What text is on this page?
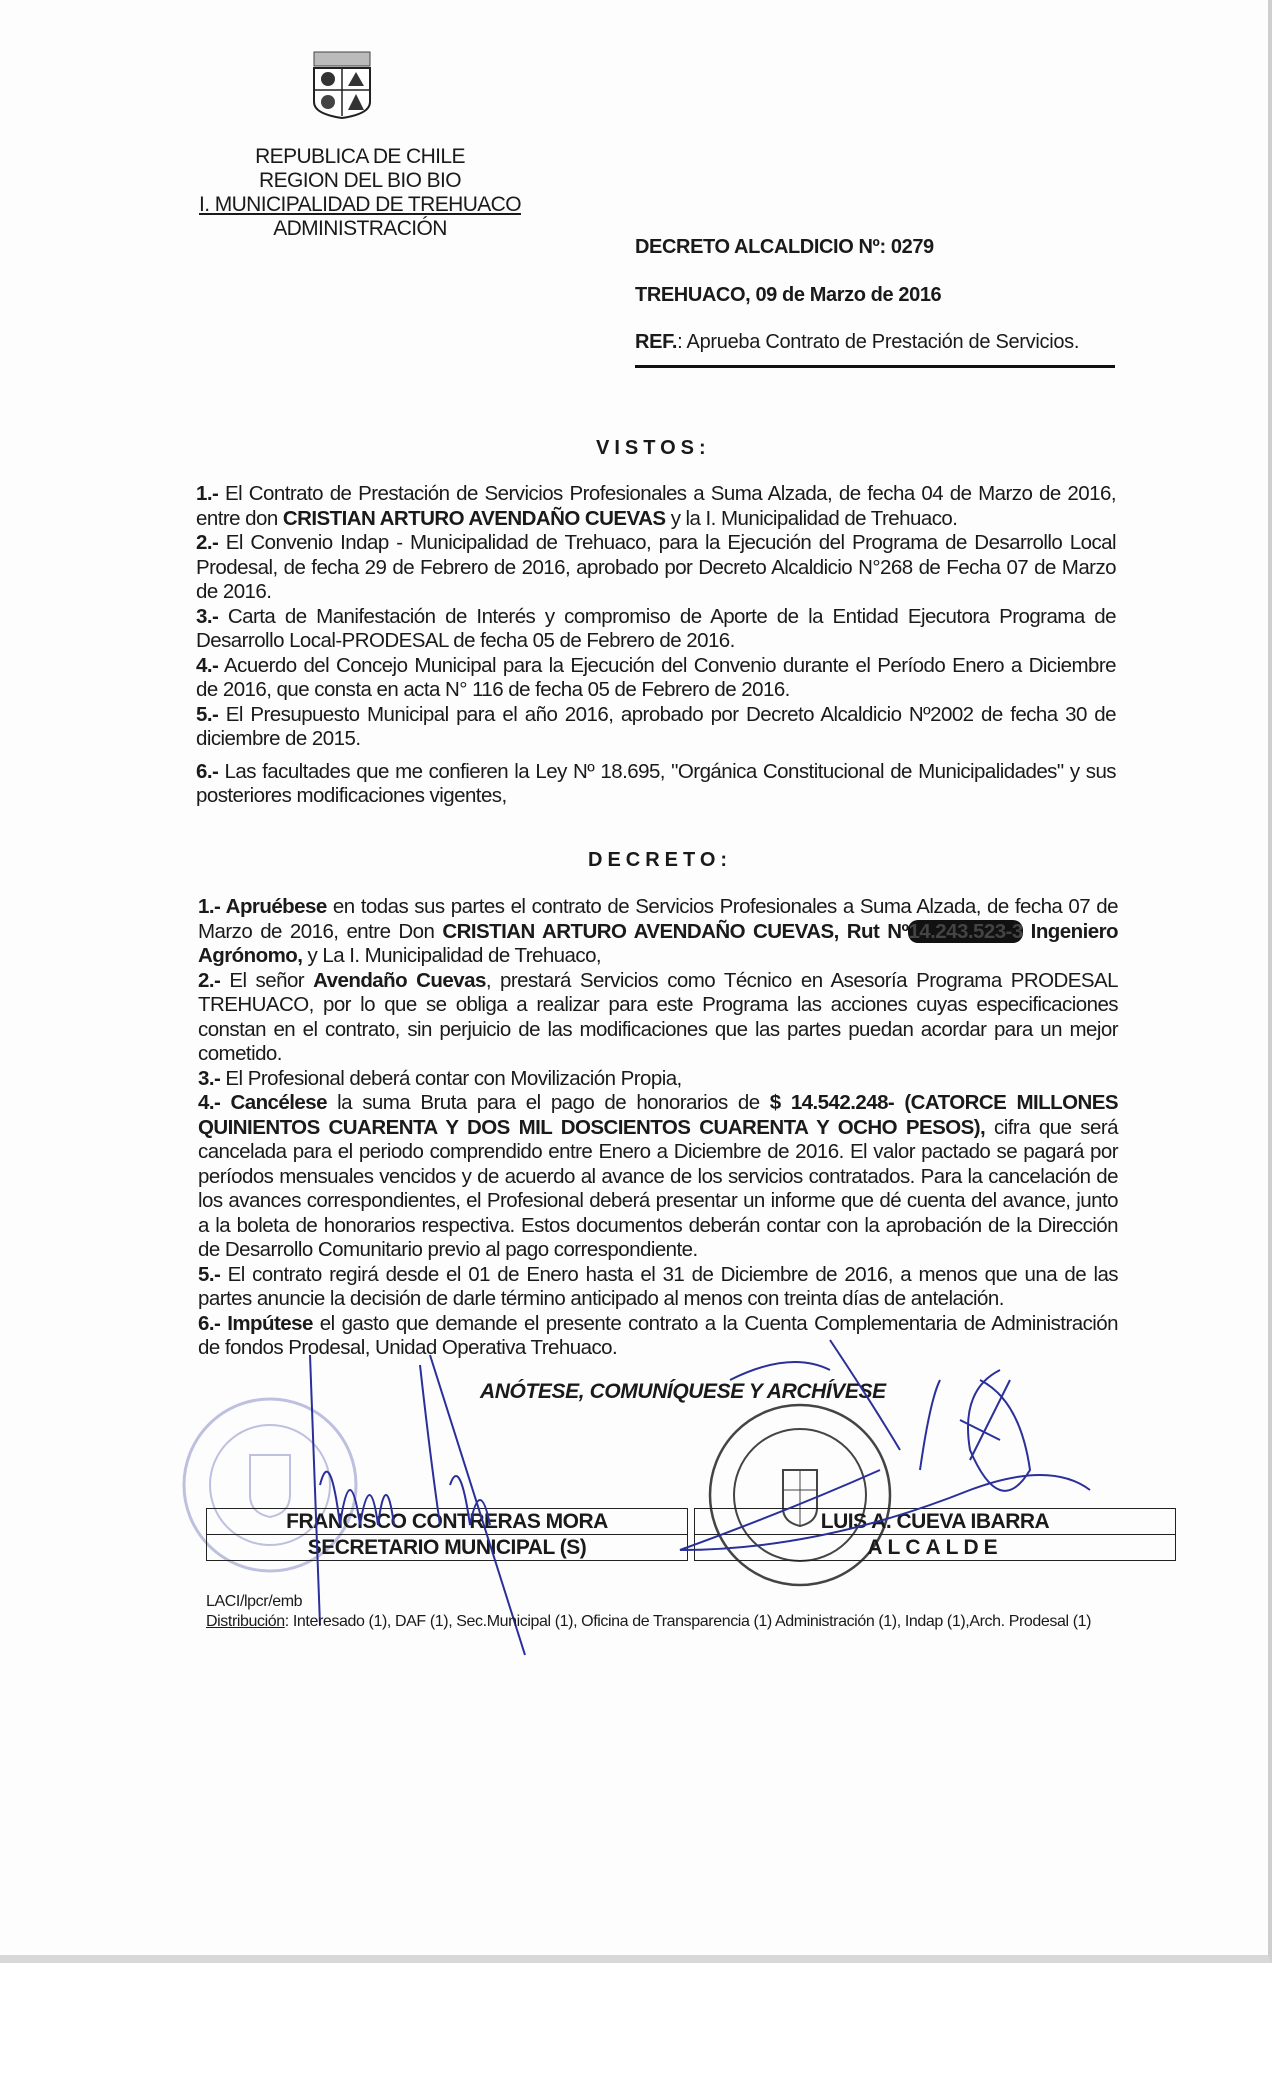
REPUBLICA DE CHILE
REGION DEL BIO BIO
I. MUNICIPALIDAD DE TREHUACO
ADMINISTRACIÓN
DECRETO ALCALDICIO Nº: 0279
TREHUACO, 09 de Marzo de 2016
REF.: Aprueba Contrato de Prestación de Servicios.
VISTOS:

1.- El Contrato de Prestación de Servicios Profesionales a Suma Alzada, de fecha 04 de Marzo de 2016, entre don CRISTIAN ARTURO AVENDAÑO CUEVAS y la I. Municipalidad de Trehuaco.

2.- El Convenio Indap - Municipalidad de Trehuaco, para la Ejecución del Programa de Desarrollo Local Prodesal, de fecha 29 de Febrero de 2016, aprobado por Decreto Alcaldicio N°268 de Fecha 07 de Marzo de 2016.

3.- Carta de Manifestación de Interés y compromiso de Aporte de la Entidad Ejecutora Programa de Desarrollo Local-PRODESAL de fecha 05 de Febrero de 2016.

4.- Acuerdo del Concejo Municipal para la Ejecución del Convenio durante el Período Enero a Diciembre de 2016, que consta en acta N° 116 de fecha 05 de Febrero de 2016.

5.- El Presupuesto Municipal para el año 2016, aprobado por Decreto Alcaldicio Nº2002 de fecha 30 de diciembre de 2015.

6.- Las facultades que me confieren la Ley Nº 18.695, "Orgánica Constitucional de Municipalidades" y sus posteriores modificaciones vigentes,

DECRETO:

1.- Apruébese en todas sus partes el contrato de Servicios Profesionales a Suma Alzada, de fecha 07 de Marzo de 2016, entre Don CRISTIAN ARTURO AVENDAÑO CUEVAS, Rut Nº14.243.523-3 Ingeniero Agrónomo, y La I. Municipalidad de Trehuaco,

2.- El señor Avendaño Cuevas, prestará Servicios como Técnico en Asesoría Programa PRODESAL TREHUACO, por lo que se obliga a realizar para este Programa las acciones cuyas especificaciones constan en el contrato, sin perjuicio de las modificaciones que las partes puedan acordar para un mejor cometido.

3.- El Profesional deberá contar con Movilización Propia,

4.- Cancélese la suma Bruta para el pago de honorarios de $ 14.542.248- (CATORCE MILLONES QUINIENTOS CUARENTA Y DOS MIL DOSCIENTOS CUARENTA Y OCHO PESOS), cifra que será cancelada para el periodo comprendido entre Enero a Diciembre de 2016. El valor pactado se pagará por períodos mensuales vencidos y de acuerdo al avance de los servicios contratados. Para la cancelación de los avances correspondientes, el Profesional deberá presentar un informe que dé cuenta del avance, junto a la boleta de honorarios respectiva. Estos documentos deberán contar con la aprobación de la Dirección de Desarrollo Comunitario previo al pago correspondiente.

5.- El contrato regirá desde el 01 de Enero hasta el 31 de Diciembre de 2016, a menos que una de las partes anuncie la decisión de darle término anticipado al menos con treinta días de antelación.

6.- Impútese el gasto que demande el presente contrato a la Cuenta Complementaria de Administración de fondos Prodesal, Unidad Operativa Trehuaco.

ANÓTESE, COMUNÍQUESE Y ARCHÍVESE
FRANCISCO CONTRERAS MORA
SECRETARIO MUNICIPAL (S)
LUIS A. CUEVA IBARRA
ALCALDE
LACI/lpcr/emb
Distribución: Interesado (1), DAF (1), Sec.Municipal (1), Oficina de Transparencia (1) Administración (1), Indap (1),Arch. Prodesal (1)
